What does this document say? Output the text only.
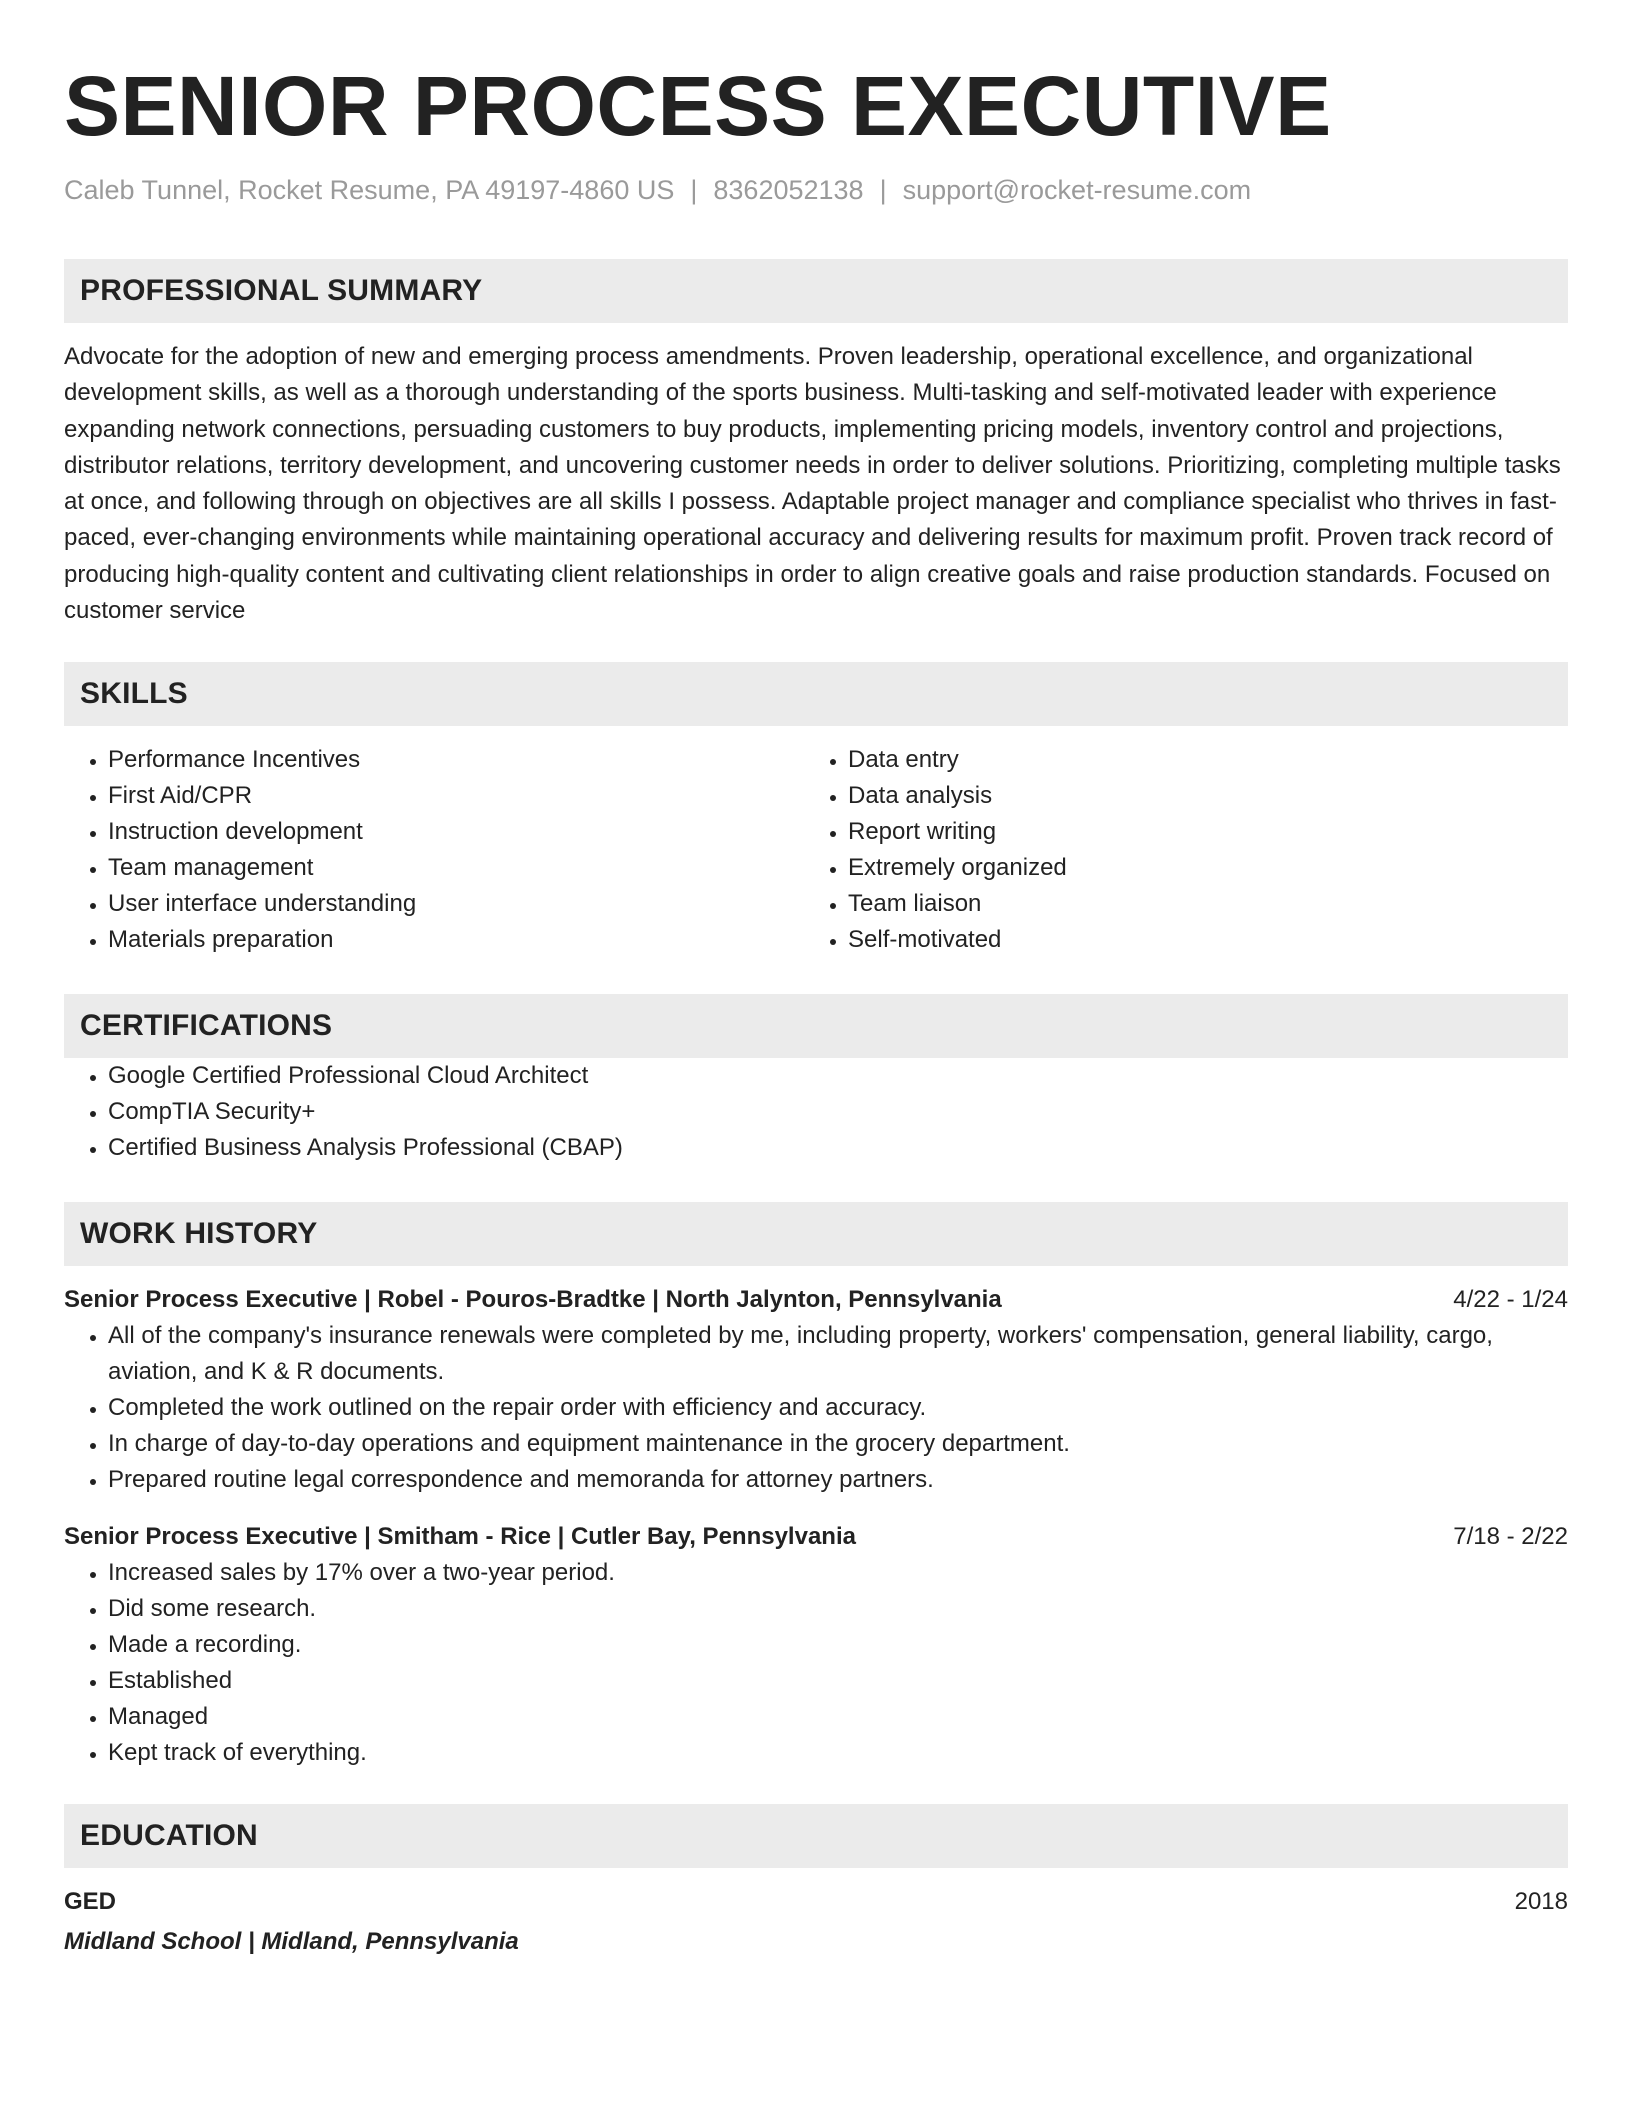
SENIOR PROCESS EXECUTIVE
Caleb Tunnel, Rocket Resume, PA 49197-4860 US | 8362052138 | support@rocket-resume.com
PROFESSIONAL SUMMARY

Advocate for the adoption of new and emerging process amendments. Proven leadership, operational excellence, and organizational development skills, as well as a thorough understanding of the sports business. Multi-tasking and self-motivated leader with experience expanding network connections, persuading customers to buy products, implementing pricing models, inventory control and projections, distributor relations, territory development, and uncovering customer needs in order to deliver solutions. Prioritizing, completing multiple tasks at once, and following through on objectives are all skills I possess. Adaptable project manager and compliance specialist who thrives in fast-paced, ever-changing environments while maintaining operational accuracy and delivering results for maximum profit. Proven track record of producing high-quality content and cultivating client relationships in order to align creative goals and raise production standards. Focused on customer service

SKILLS
• Performance Incentives
• First Aid/CPR
• Instruction development
• Team management
• User interface understanding
• Materials preparation
• Data entry
• Data analysis
• Report writing
• Extremely organized
• Team liaison
• Self-motivated
CERTIFICATIONS
• Google Certified Professional Cloud Architect
• CompTIA Security+
• Certified Business Analysis Professional (CBAP)
WORK HISTORY
Senior Process Executive | Robel - Pouros-Bradtke | North Jalynton, Pennsylvania	4/22 - 1/24
• All of the company's insurance renewals were completed by me, including property, workers' compensation, general liability, cargo, aviation, and K & R documents.
• Completed the work outlined on the repair order with efficiency and accuracy.
• In charge of day-to-day operations and equipment maintenance in the grocery department.
• Prepared routine legal correspondence and memoranda for attorney partners.
Senior Process Executive | Smitham - Rice | Cutler Bay, Pennsylvania	7/18 - 2/22
• Increased sales by 17% over a two-year period.
• Did some research.
• Made a recording.
• Established
• Managed
• Kept track of everything.
EDUCATION
GED	2018
Midland School | Midland, Pennsylvania
